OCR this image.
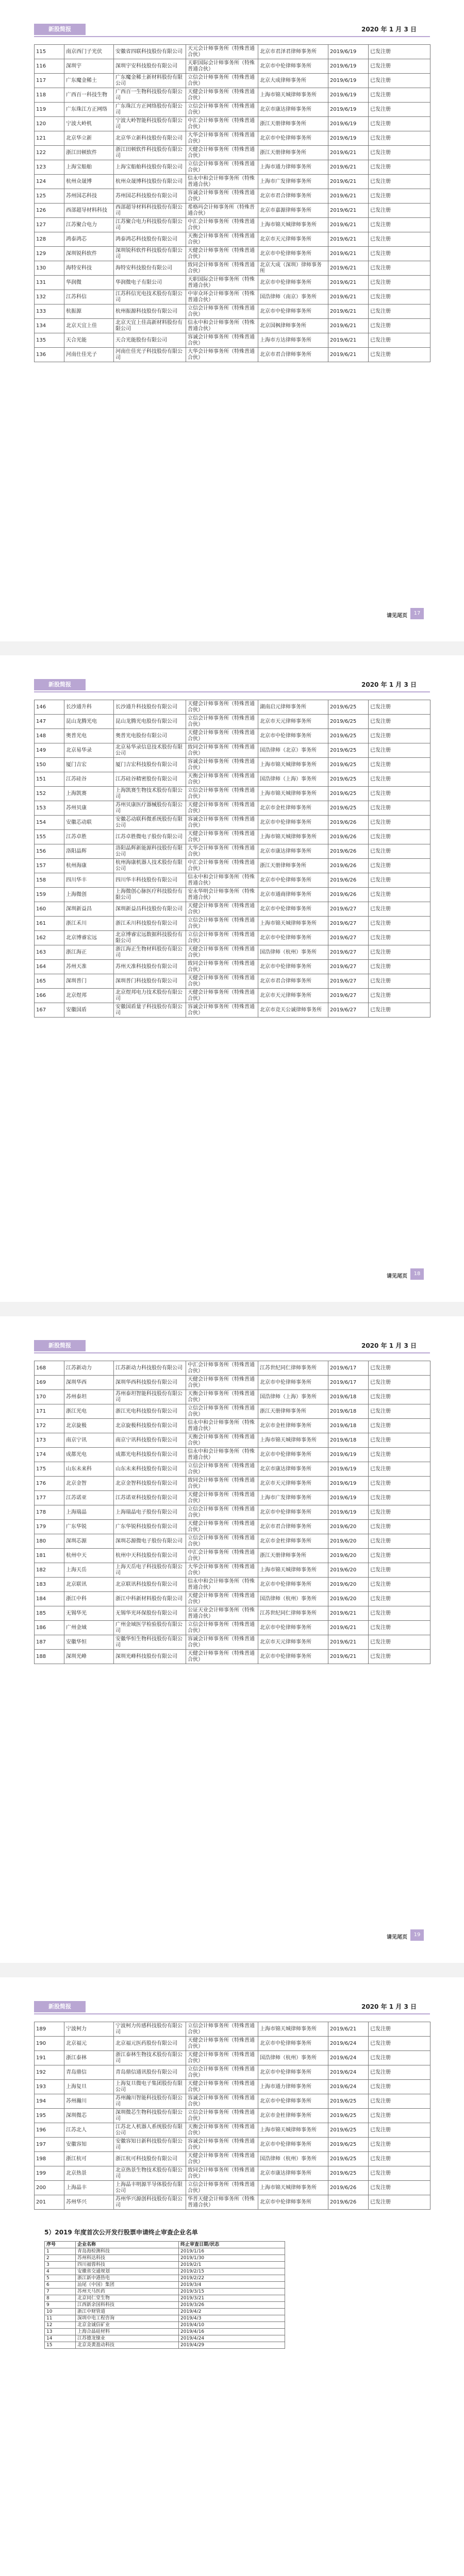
新股简报	2020 年 1 月 3 日
115	南京西门子光伏	安徽省四联科技股份有限公司	天元会计师事务所（特殊普通合伙）	北京市君泽君律师事务所	2019/6/19	已发注册
116	深圳宇	深圳宇安科技股份有限公司	天职国际会计师事务所（特殊普通合伙）	北京市中伦律师事务所	2019/6/19	已发注册
117	广东魔金稀土	广东魔金稀土新材料股份有限公司	立信会计师事务所（特殊普通合伙）	北京大成律师事务所	2019/6/19	已发注册
118	广西百一科技生物	广西百一生物科技股份有限公司	天健会计师事务所（特殊普通合伙）	上海市锦天城律师事务所	2019/6/19	已发注册
119	广东珠江方正网络	广东珠江方正网络股份有限公司	立信会计师事务所（特殊普通合伙）	北京市康达律师事务所	2019/6/19	已发注册
120	宁波大岭机	宁波大岭智能科技股份有限公司	中汇会计师事务所（特殊普通合伙）	浙江天册律师事务所	2019/6/19	已发注册
121	北京华立新	北京华立新科技股份有限公司	大华会计师事务所（特殊普通合伙）	北京市中伦律师事务所	2019/6/19	已发注册
122	浙江田顿软件	浙江田顿软件科技股份有限公司	天健会计师事务所（特殊普通合伙）	浙江天册律师事务所	2019/6/21	已发注册
123	上海宝船舶	上海宝船舶科技股份有限公司	立信会计师事务所（特殊普通合伙）	上海市通力律师事务所	2019/6/21	已发注册
124	杭州众晟博	杭州众晟博科技股份有限公司	信永中和会计师事务所（特殊普通合伙）	上海市广发律师事务所	2019/6/21	已发注册
125	苏州国芯科技	苏州国芯科技股份有限公司	容诚会计师事务所（特殊普通合伙）	北京市君合律师事务所	2019/6/21	已发注册
126	西部超导材料科技	西部超导材料科技股份有限公司	希格玛会计师事务所（特殊普通合伙）	北京市嘉源律师事务所	2019/6/21	已发注册
127	江苏聚合电力	江苏聚合电力科技股份有限公司	中汇会计师事务所（特殊普通合伙）	上海市锦天城律师事务所	2019/6/21	已发注册
128	鸿泰鸿芯	鸿泰鸿芯科技股份有限公司	天衡会计师事务所（特殊普通合伙）	北京市天元律师事务所	2019/6/21	已发注册
129	深圳锐科软件	深圳锐科软件科技股份有限公司	天健会计师事务所（特殊普通合伙）	北京市中伦律师事务所	2019/6/21	已发注册
130	海特安科技	海特安科技股份有限公司	致同会计师事务所（特殊普通合伙）	北京大成（深圳）律师事务所	2019/6/21	已发注册
131	华润微	华润微电子有限公司	天职国际会计师事务所（特殊普通合伙）	北京市中伦律师事务所	2019/6/21	已发注册
132	江苏科信	江苏科信光电技术股份有限公司	中审众环会计师事务所（特殊普通合伙）	国浩律师（南京）事务所	2019/6/21	已发注册
133	杭振源	杭州振源科技股份有限公司	立信会计师事务所（特殊普通合伙）	北京市中伦律师事务所	2019/6/21	已发注册
134	北京天宜上佳	北京天宜上佳高新材料股份有限公司	信永中和会计师事务所（特殊普通合伙）	北京国枫律师事务所	2019/6/21	已发注册
135	天合光能	天合光能股份有限公司	容诚会计师事务所（特殊普通合伙）	上海市方达律师事务所	2019/6/21	已发注册
136	河南仕佳光子	河南仕佳光子科技股份有限公司	大华会计师事务所（特殊普通合伙）	北京市君合律师事务所	2019/6/21	已发注册
请见尾页	17
新股简报	2020 年 1 月 3 日
146	长沙通升科	长沙通升科技股份有限公司	天健会计师事务所（特殊普通合伙）	湖南启元律师事务所	2019/6/25	已发注册
147	昆山龙腾光电	昆山龙腾光电股份有限公司	立信会计师事务所（特殊普通合伙）	北京市天元律师事务所	2019/6/25	已发注册
148	奥普光电	奥普光电股份有限公司	天健会计师事务所（特殊普通合伙）	北京市中伦律师事务所	2019/6/25	已发注册
149	北京易华录	北京易华录信息技术股份有限公司	致同会计师事务所（特殊普通合伙）	国浩律师（北京）事务所	2019/6/25	已发注册
150	厦门吉宏	厦门吉宏科技股份有限公司	容诚会计师事务所（特殊普通合伙）	上海市锦天城律师事务所	2019/6/25	已发注册
151	江苏硅谷	江苏硅谷精密股份有限公司	天衡会计师事务所（特殊普通合伙）	国浩律师（上海）事务所	2019/6/25	已发注册
152	上海凯赛	上海凯赛生物技术股份有限公司	立信会计师事务所（特殊普通合伙）	上海市锦天城律师事务所	2019/6/25	已发注册
153	苏州贝康	苏州贝康医疗器械股份有限公司	天健会计师事务所（特殊普通合伙）	北京市金杜律师事务所	2019/6/25	已发注册
154	安徽芯动联	安徽芯动联科微系统股份有限公司	容诚会计师事务所（特殊普通合伙）	北京市中伦律师事务所	2019/6/26	已发注册
155	江苏卓胜	江苏卓胜微电子股份有限公司	天健会计师事务所（特殊普通合伙）	上海市锦天城律师事务所	2019/6/26	已发注册
156	洛阳晶辉	洛阳晶辉新能源科技股份有限公司	大华会计师事务所（特殊普通合伙）	北京市康达律师事务所	2019/6/26	已发注册
157	杭州海康	杭州海康机器人技术股份有限公司	中汇会计师事务所（特殊普通合伙）	浙江天册律师事务所	2019/6/26	已发注册
158	四川华丰	四川华丰科技股份有限公司	信永中和会计师事务所（特殊普通合伙）	北京市中伦律师事务所	2019/6/26	已发注册
159	上海微创	上海微创心脉医疗科技股份有限公司	安永华明会计师事务所（特殊普通合伙）	北京市通商律师事务所	2019/6/26	已发注册
160	深圳新益昌	深圳新益昌科技股份有限公司	天健会计师事务所（特殊普通合伙）	北京市中伦律师事务所	2019/6/27	已发注册
161	浙江禾川	浙江禾川科技股份有限公司	立信会计师事务所（特殊普通合伙）	上海市锦天城律师事务所	2019/6/27	已发注册
162	北京博睿宏远	北京博睿宏远数据科技股份有限公司	立信会计师事务所（特殊普通合伙）	北京市中伦律师事务所	2019/6/27	已发注册
163	浙江海正	浙江海正生物材料股份有限公司	天健会计师事务所（特殊普通合伙）	国浩律师（杭州）事务所	2019/6/27	已发注册
164	苏州天准	苏州天准科技股份有限公司	致同会计师事务所（特殊普通合伙）	北京市中伦律师事务所	2019/6/27	已发注册
165	深圳普门	深圳普门科技股份有限公司	天健会计师事务所（特殊普通合伙）	北京市君合律师事务所	2019/6/27	已发注册
166	北京煜邦	北京煜邦电力技术股份有限公司	天健会计师事务所（特殊普通合伙）	北京市天元律师事务所	2019/6/27	已发注册
167	安徽国盾	安徽国盾量子科技股份有限公司	容诚会计师事务所（特殊普通合伙）	北京市竞天公诚律师事务所	2019/6/27	已发注册
请见尾页	18
新股简报	2020 年 1 月 3 日
168	江苏新动力	江苏新动力科技股份有限公司	中汇会计师事务所（特殊普通合伙）	江苏世纪同仁律师事务所	2019/6/17	已发注册
169	深圳华西	深圳华西科技股份有限公司	天健会计师事务所（特殊普通合伙）	北京市中伦律师事务所	2019/6/17	已发注册
170	苏州泰坦	苏州泰坦智能科技股份有限公司	天衡会计师事务所（特殊普通合伙）	国浩律师（上海）事务所	2019/6/18	已发注册
171	浙江光电	浙江光电科技股份有限公司	立信会计师事务所（特殊普通合伙）	浙江天册律师事务所	2019/6/18	已发注册
172	北京旋极	北京旋极科技股份有限公司	信永中和会计师事务所（特殊普通合伙）	北京市金杜律师事务所	2019/6/18	已发注册
173	南京宁讯	南京宁讯科技股份有限公司	天衡会计师事务所（特殊普通合伙）	上海市锦天城律师事务所	2019/6/18	已发注册
174	成都光电	成都光电科技股份有限公司	信永中和会计师事务所（特殊普通合伙）	北京市中伦律师事务所	2019/6/19	已发注册
175	山东未来科	山东未来科技股份有限公司	立信会计师事务所（特殊普通合伙）	北京市康达律师事务所	2019/6/19	已发注册
176	北京金智	北京金智科技股份有限公司	致同会计师事务所（特殊普通合伙）	北京市天元律师事务所	2019/6/19	已发注册
177	江苏诺亚	江苏诺亚科技股份有限公司	天健会计师事务所（特殊普通合伙）	上海市广发律师事务所	2019/6/19	已发注册
178	上海瑞晶	上海瑞晶电子股份有限公司	立信会计师事务所（特殊普通合伙）	北京市中伦律师事务所	2019/6/19	已发注册
179	广东华锐	广东华锐科技股份有限公司	天健会计师事务所（特殊普通合伙）	北京市君合律师事务所	2019/6/20	已发注册
180	深圳芯源	深圳芯源微电子股份有限公司	立信会计师事务所（特殊普通合伙）	北京市金杜律师事务所	2019/6/20	已发注册
181	杭州中天	杭州中天科技股份有限公司	中汇会计师事务所（特殊普通合伙）	浙江天册律师事务所	2019/6/20	已发注册
182	上海天岳	上海天岳电子科技股份有限公司	大华会计师事务所（特殊普通合伙）	上海市锦天城律师事务所	2019/6/20	已发注册
183	北京联讯	北京联讯科技股份有限公司	信永中和会计师事务所（特殊普通合伙）	北京市中伦律师事务所	2019/6/20	已发注册
184	浙江中科	浙江中科新材料股份有限公司	天健会计师事务所（特殊普通合伙）	国浩律师（杭州）事务所	2019/6/20	已发注册
185	无锡华光	无锡华光环保股份有限公司	公证天业会计师事务所（特殊普通合伙）	江苏世纪同仁律师事务所	2019/6/21	已发注册
186	广州金域	广州金域医学检验股份有限公司	立信会计师事务所（特殊普通合伙）	北京市中伦律师事务所	2019/6/21	已发注册
187	安徽华恒	安徽华恒生物科技股份有限公司	容诚会计师事务所（特殊普通合伙）	北京市天元律师事务所	2019/6/21	已发注册
188	深圳光峰	深圳光峰科技股份有限公司	天健会计师事务所（特殊普通合伙）	北京市中伦律师事务所	2019/6/21	已发注册
请见尾页	19
新股简报	2020 年 1 月 3 日
189	宁波柯力	宁波柯力传感科技股份有限公司	立信会计师事务所（特殊普通合伙）	上海市锦天城律师事务所	2019/6/21	已发注册
190	北京福元	北京福元医药股份有限公司	天健会计师事务所（特殊普通合伙）	北京市中伦律师事务所	2019/6/24	已发注册
191	浙江泰林	浙江泰林生物技术股份有限公司	天健会计师事务所（特殊普通合伙）	国浩律师（杭州）事务所	2019/6/24	已发注册
192	青岛鼎信	青岛鼎信通讯股份有限公司	立信会计师事务所（特殊普通合伙）	北京市中伦律师事务所	2019/6/24	已发注册
193	上海复旦	上海复旦微电子集团股份有限公司	天健会计师事务所（特殊普通合伙）	上海市通力律师事务所	2019/6/24	已发注册
194	苏州瀚川	苏州瀚川智能科技股份有限公司	容诚会计师事务所（特殊普通合伙）	北京市中伦律师事务所	2019/6/25	已发注册
195	深圳微芯	深圳微芯生物科技股份有限公司	立信会计师事务所（特殊普通合伙）	北京市金杜律师事务所	2019/6/25	已发注册
196	江苏北人	江苏北人机器人系统股份有限公司	天衡会计师事务所（特殊普通合伙）	上海市锦天城律师事务所	2019/6/25	已发注册
197	安徽容知	安徽容知日新科技股份有限公司	容诚会计师事务所（特殊普通合伙）	北京市中伦律师事务所	2019/6/25	已发注册
198	浙江杭可	浙江杭可科技股份有限公司	天健会计师事务所（特殊普通合伙）	国浩律师（杭州）事务所	2019/6/25	已发注册
199	北京热景	北京热景生物技术股份有限公司	致同会计师事务所（特殊普通合伙）	北京市康达律师事务所	2019/6/25	已发注册
200	上海晶丰	上海晶丰明源半导体股份有限公司	立信会计师事务所（特殊普通合伙）	上海市锦天城律师事务所	2019/6/26	已发注册
201	苏州华兴	苏州华兴源创科技股份有限公司	华普天健会计师事务所（特殊普通合伙）	北京市中伦律师事务所	2019/6/26	已发注册
5）2019 年度首次公开发行股票申请终止审查企业名单
序号	企业名称	终止审查日期/状态
1	青岛海检测科技	2019/1/16
2	苏州科达科技	2019/1/30
3	四川福蓉科技	2019/2/1
4	安徽省交通规划	2019/2/15
5	浙江新中港热电	2019/2/22
6	汕尾（中国）集团	2019/3/4
7	苏州天马医药	2019/3/15
8	北京同仁堂生物	2019/3/21
9	江西新余国科科技	2019/3/26
10	浙江中财管道	2019/4/2
11	深圳中电工程咨询	2019/4/3
12	北京金诚信矿业	2019/4/10
13	上海合晶硅材料	2019/4/16
14	江苏德龙镍业	2019/4/24
15	北京炎黄盈动科技	2019/4/29
